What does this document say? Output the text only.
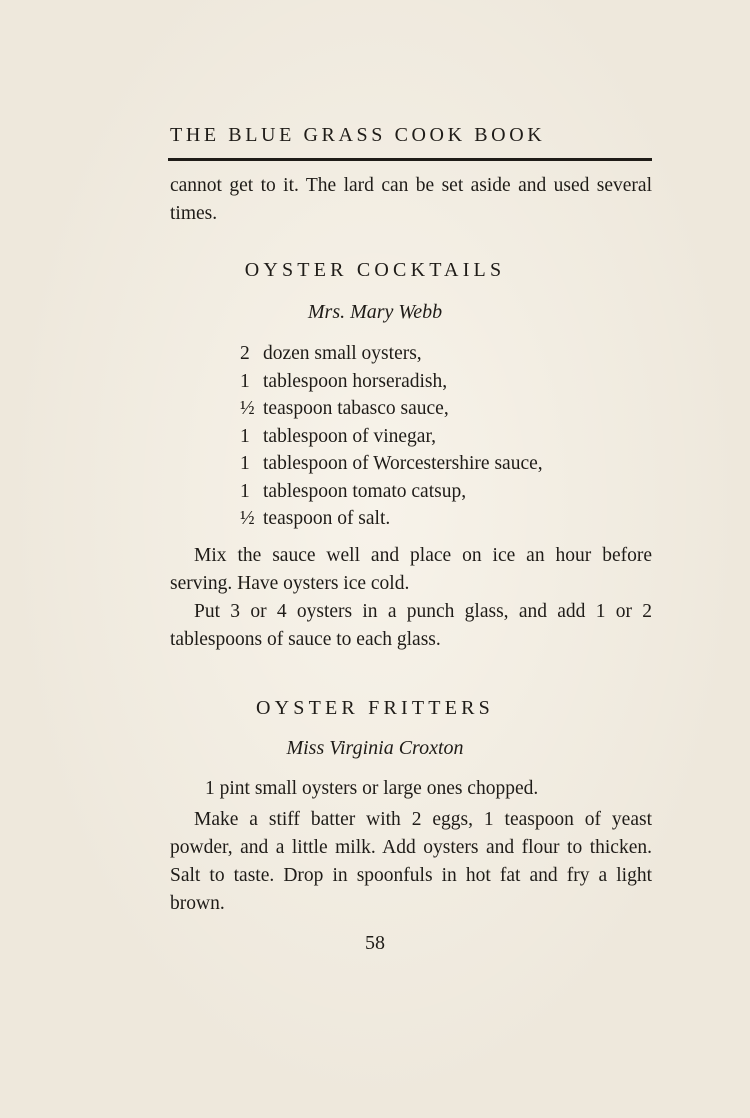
THE BLUE GRASS COOK BOOK
cannot get to it. The lard can be set aside and used several times.
OYSTER COCKTAILS
Mrs. Mary Webb
2 dozen small oysters,
1 tablespoon horseradish,
½ teaspoon tabasco sauce,
1 tablespoon of vinegar,
1 tablespoon of Worcestershire sauce,
1 tablespoon tomato catsup,
½ teaspoon of salt.
Mix the sauce well and place on ice an hour before serving. Have oysters ice cold.
Put 3 or 4 oysters in a punch glass, and add 1 or 2 tablespoons of sauce to each glass.
OYSTER FRITTERS
Miss Virginia Croxton
1 pint small oysters or large ones chopped.
Make a stiff batter with 2 eggs, 1 teaspoon of yeast powder, and a little milk. Add oysters and flour to thicken. Salt to taste. Drop in spoonfuls in hot fat and fry a light brown.
58
